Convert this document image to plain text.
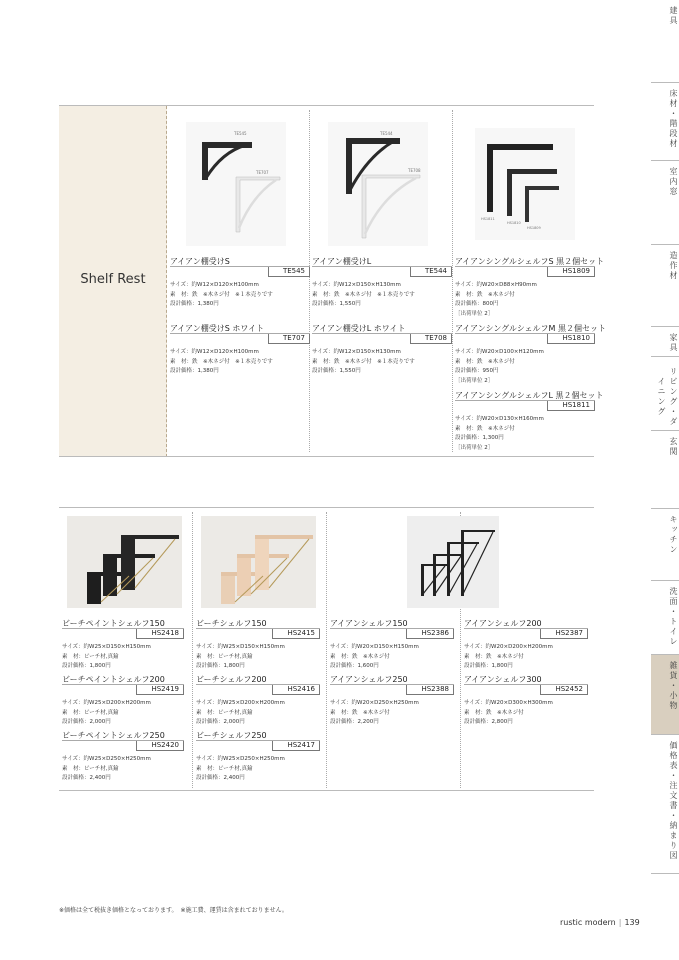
建具
床材・階段材
室内窓
造作材
家具
リビング・ダイニング
玄関
キッチン
洗面・トイレ
雑貨・小物
価格表・注文書・納まり図
Shelf Rest
TE545
TE707
TE544
TE708
HS1811
HS1810
HS1809
アイアン棚受けS
TE545
サイズ：約W12×D120×H100mm
素　材：鉄　※木ネジ付　※１本売りです
設計価格：1,380円
アイアン棚受けL
TE544
サイズ：約W12×D150×H130mm
素　材：鉄　※木ネジ付　※１本売りです
設計価格：1,550円
アイアンシングルシェルフS 黒２個セット
HS1809
サイズ：約W20×D88×H90mm
素　材：鉄　※木ネジ付
設計価格：800円
［出荷単位 2］
アイアン棚受けS ホワイト
TE707
サイズ：約W12×D120×H100mm
素　材：鉄　※木ネジ付　※１本売りです
設計価格：1,380円
アイアン棚受けL ホワイト
TE708
サイズ：約W12×D150×H130mm
素　材：鉄　※木ネジ付　※１本売りです
設計価格：1,550円
アイアンシングルシェルフM 黒２個セット
HS1810
サイズ：約W20×D100×H120mm
素　材：鉄　※木ネジ付
設計価格：950円
［出荷単位 2］
アイアンシングルシェルフL 黒２個セット
HS1811
サイズ：約W20×D130×H160mm
素　材：鉄　※木ネジ付
設計価格：1,300円
［出荷単位 2］
ビーチペイントシェルフ150
HS2418
サイズ：約W25×D150×H150mm
素　材：ビーチ材,真鍮
設計価格：1,800円
ビーチシェルフ150
HS2415
サイズ：約W25×D150×H150mm
素　材：ビーチ材,真鍮
設計価格：1,800円
アイアンシェルフ150
HS2386
サイズ：約W20×D150×H150mm
素　材：鉄　※木ネジ付
設計価格：1,600円
アイアンシェルフ200
HS2387
サイズ：約W20×D200×H200mm
素　材：鉄　※木ネジ付
設計価格：1,800円
ビーチペイントシェルフ200
HS2419
サイズ：約W25×D200×H200mm
素　材：ビーチ材,真鍮
設計価格：2,000円
ビーチシェルフ200
HS2416
サイズ：約W25×D200×H200mm
素　材：ビーチ材,真鍮
設計価格：2,000円
アイアンシェルフ250
HS2388
サイズ：約W20×D250×H250mm
素　材：鉄　※木ネジ付
設計価格：2,200円
アイアンシェルフ300
HS2452
サイズ：約W20×D300×H300mm
素　材：鉄　※木ネジ付
設計価格：2,800円
ビーチペイントシェルフ250
HS2420
サイズ：約W25×D250×H250mm
素　材：ビーチ材,真鍮
設計価格：2,400円
ビーチシェルフ250
HS2417
サイズ：約W25×D250×H250mm
素　材：ビーチ材,真鍮
設計価格：2,400円
※価格は全て税抜き価格となっております。　※施工費、運賃は含まれておりません。
rustic modern | 139
